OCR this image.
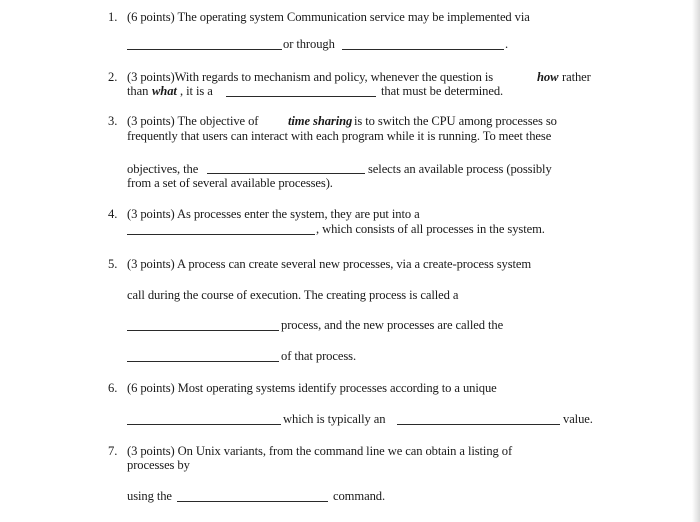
1. (6 points) The operating system Communication service may be implemented via
or through	.
2. (3 points)With regards to mechanism and policy, whenever the question is	how rather
than what , it is a	that must be determined.
3. (3 points) The objective of time sharing is to switch the CPU among processes so
frequently that users can interact with each program while it is running. To meet these
objectives, the	selects an available process (possibly
from a set of several available processes).
4. (3 points) As processes enter the system, they are put into a
, which consists of all processes in the system.
5. (3 points) A process can create several new processes, via a create-process system
call during the course of execution. The creating process is called a
process, and the new processes are called the
of that process.
6. (6 points) Most operating systems identify processes according to a unique
which is typically an	value.
7. (3 points) On Unix variants, from the command line we can obtain a listing of
processes by
using the	command.
